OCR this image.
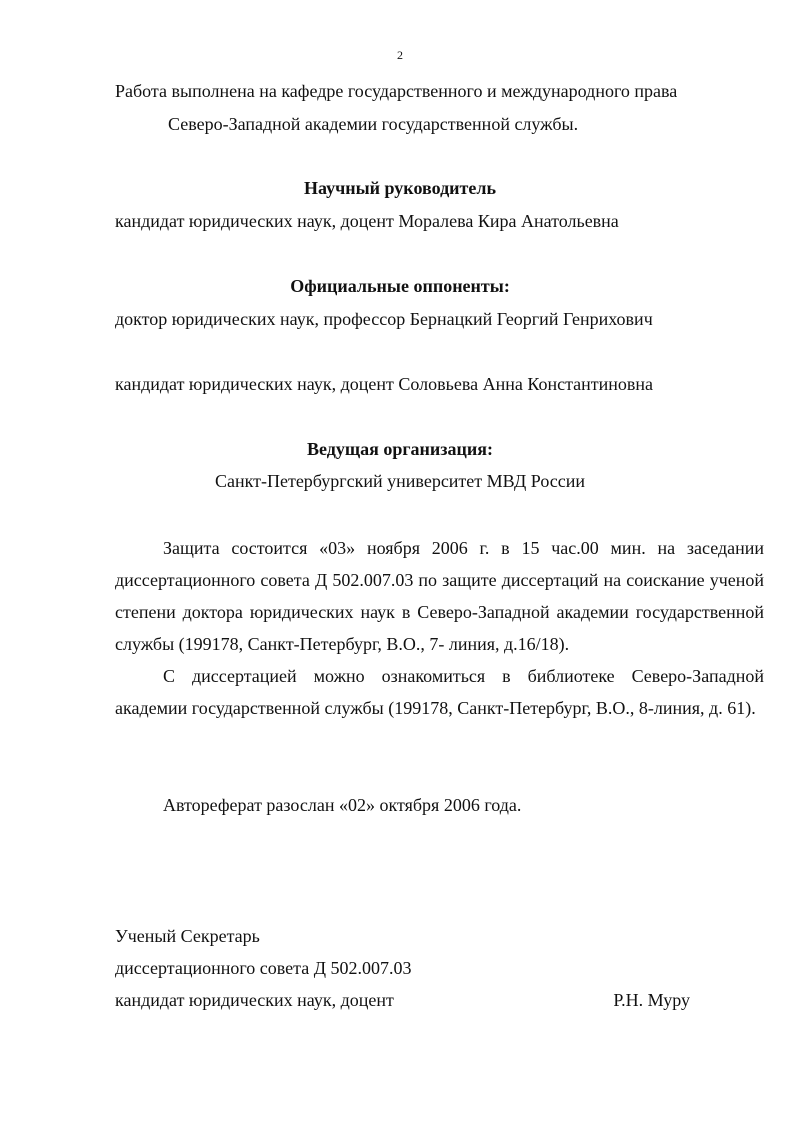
2
Работа выполнена на кафедре государственного и международного права
Северо-Западной академии государственной службы.
Научный руководитель
кандидат юридических наук, доцент Моралева Кира Анатольевна
Официальные оппоненты:
доктор юридических наук, профессор Бернацкий Георгий Генрихович
кандидат юридических наук, доцент Соловьева Анна Константиновна
Ведущая организация:
Санкт-Петербургский университет МВД России
Защита состоится «03» ноября 2006 г. в 15 час.00 мин. на заседании диссертационного совета Д 502.007.03 по защите диссертаций на соискание ученой степени доктора юридических наук в Северо-Западной академии государственной службы (199178, Санкт-Петербург, В.О., 7- линия, д.16/18).
С диссертацией можно ознакомиться в библиотеке Северо-Западной академии государственной службы (199178, Санкт-Петербург, В.О., 8-линия, д. 61).
Автореферат разослан «02» октября 2006 года.
Ученый Секретарь
диссертационного совета Д 502.007.03
кандидат юридических наук, доцент	Р.Н. Муру
